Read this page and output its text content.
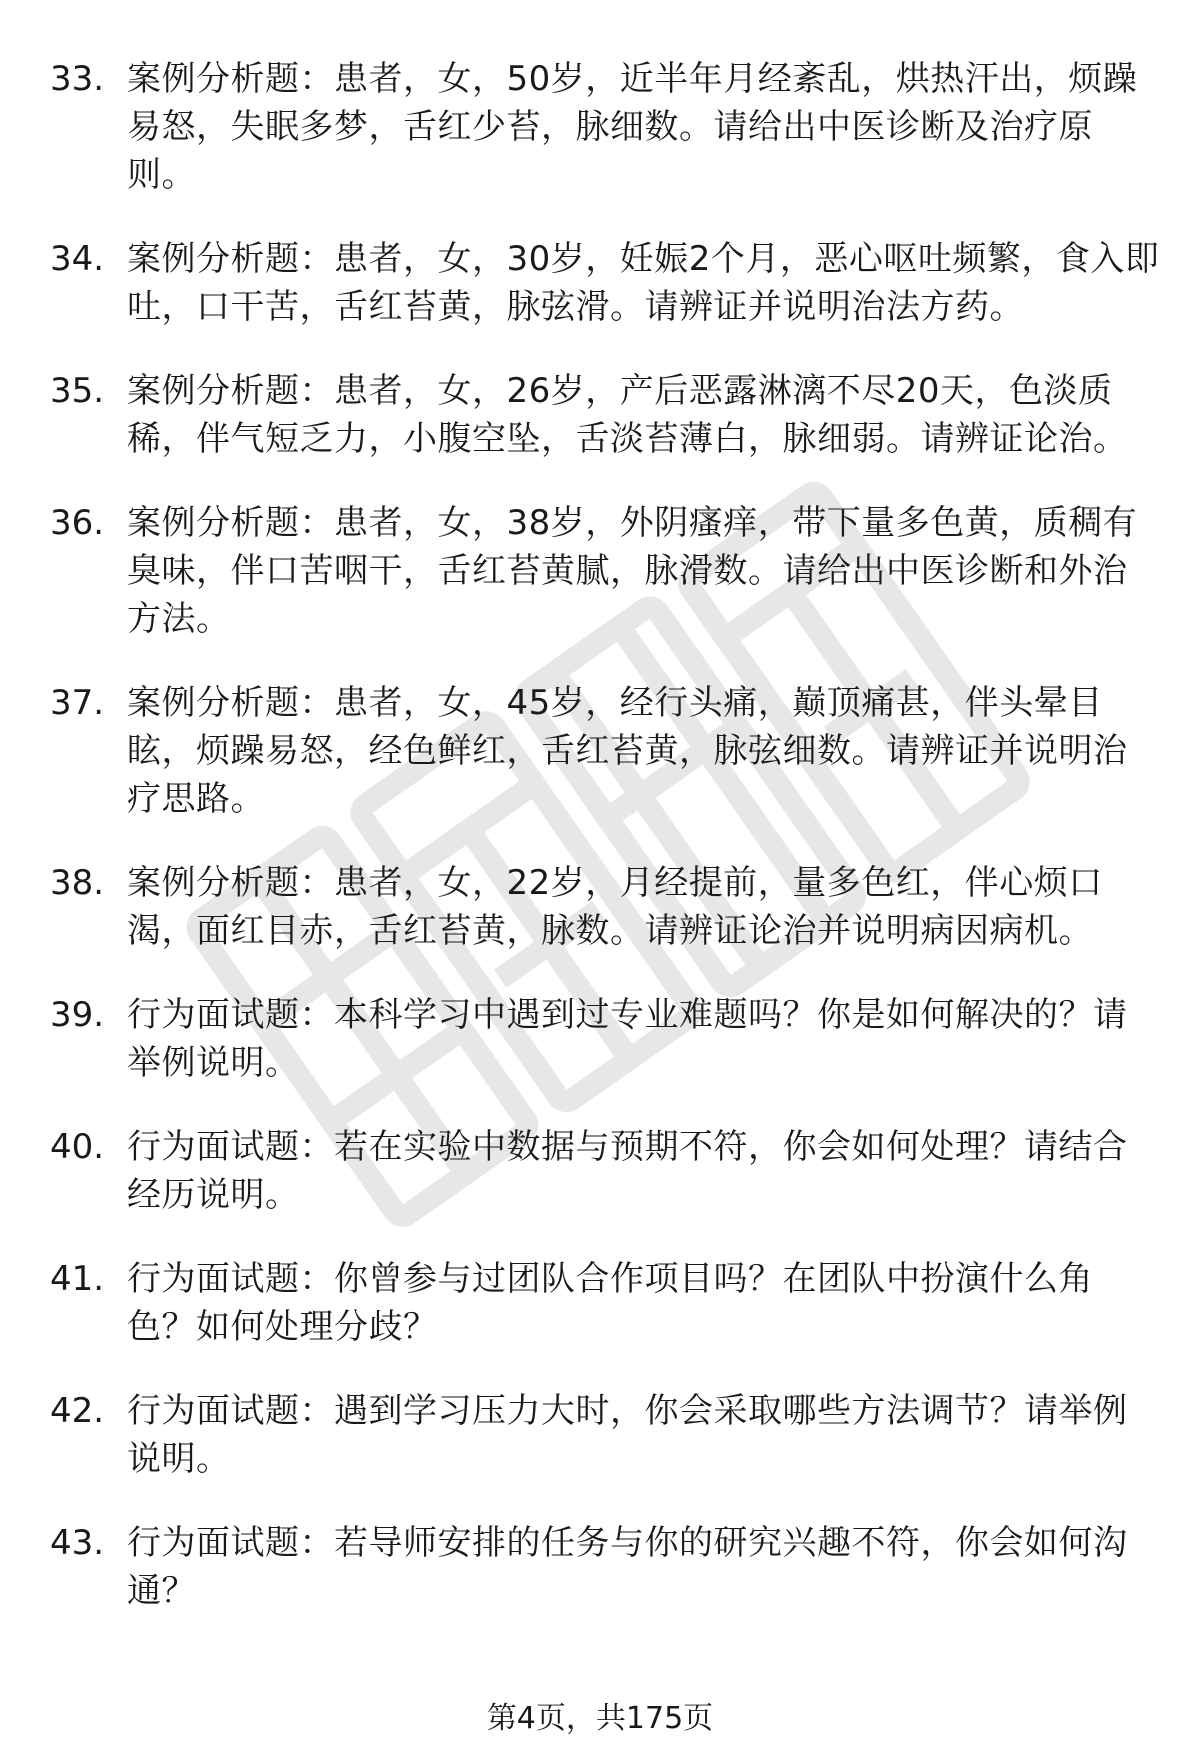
33. 案例分析题：患者，女，50岁，近半年月经紊乱，烘热汗出，烦躁易怒，失眠多梦，舌红少苔，脉细数。请给出中医诊断及治疗原则。
34. 案例分析题：患者，女，30岁，妊娠2个月，恶心呕吐频繁，食入即吐，口干苦，舌红苔黄，脉弦滑。请辨证并说明治法方药。
35. 案例分析题：患者，女，26岁，产后恶露淋漓不尽20天，色淡质稀，伴气短乏力，小腹空坠，舌淡苔薄白，脉细弱。请辨证论治。
36. 案例分析题：患者，女，38岁，外阴瘙痒，带下量多色黄，质稠有臭味，伴口苦咽干，舌红苔黄腻，脉滑数。请给出中医诊断和外治方法。
37. 案例分析题：患者，女，45岁，经行头痛，巅顶痛甚，伴头晕目眩，烦躁易怒，经色鲜红，舌红苔黄，脉弦细数。请辨证并说明治疗思路。
38. 案例分析题：患者，女，22岁，月经提前，量多色红，伴心烦口渴，面红目赤，舌红苔黄，脉数。请辨证论治并说明病因病机。
39. 行为面试题：本科学习中遇到过专业难题吗？你是如何解决的？请举例说明。
40. 行为面试题：若在实验中数据与预期不符，你会如何处理？请结合经历说明。
41. 行为面试题：你曾参与过团队合作项目吗？在团队中扮演什么角色？如何处理分歧？
42. 行为面试题：遇到学习压力大时，你会采取哪些方法调节？请举例说明。
43. 行为面试题：若导师安排的任务与你的研究兴趣不符，你会如何沟通？
第4页，共175页
